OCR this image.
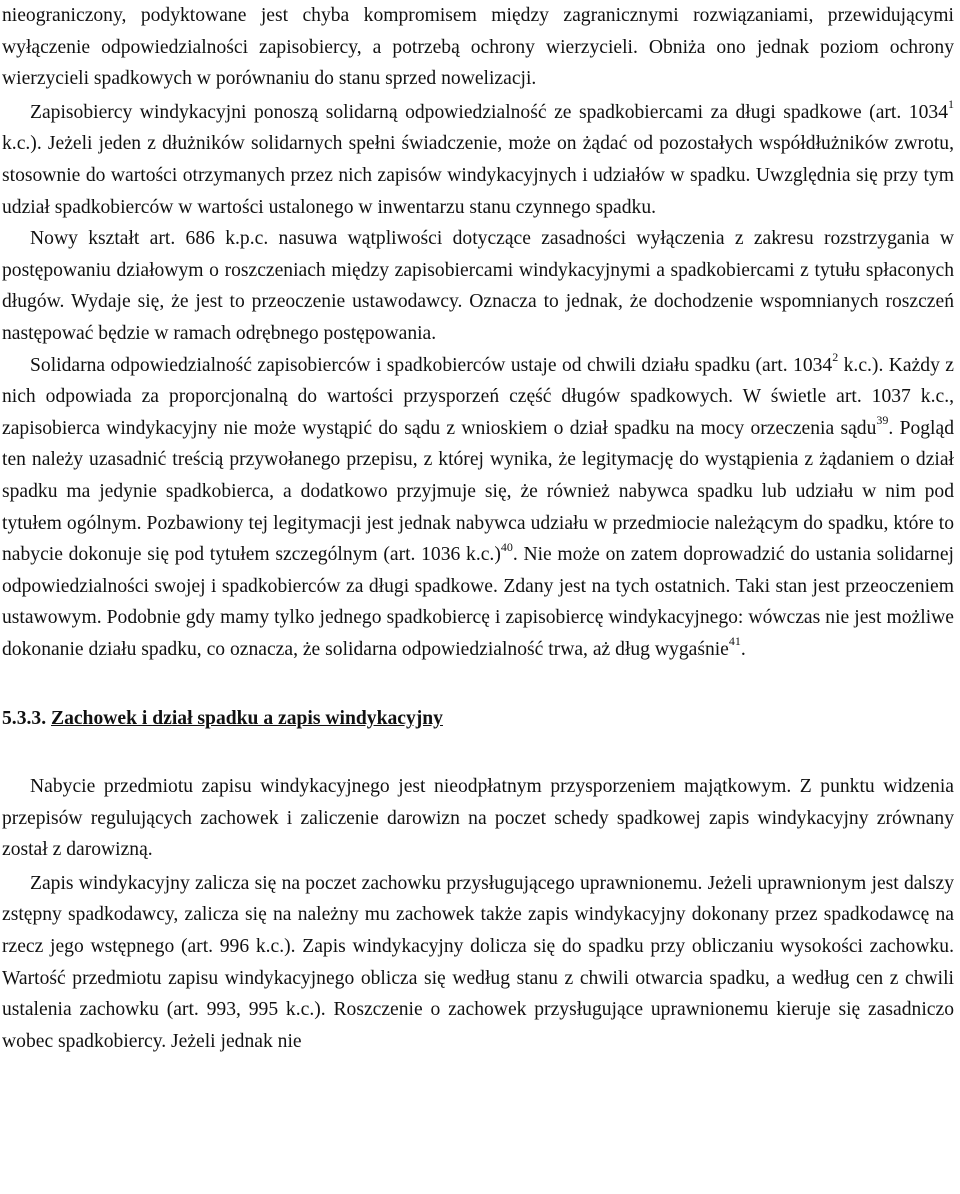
nieograniczony, podyktowane jest chyba kompromisem między zagranicznymi rozwiązaniami, przewidującymi wyłączenie odpowiedzialności zapisobiercy, a potrzebą ochrony wierzycieli. Obniża ono jednak poziom ochrony wierzycieli spadkowych w porównaniu do stanu sprzed nowelizacji.

Zapisobiercy windykacyjni ponoszą solidarną odpowiedzialność ze spadkobiercami za długi spadkowe (art. 1034$^1$ k.c.). Jeżeli jeden z dłużników solidarnych spełni świadczenie, może on żądać od pozostałych współdłużników zwrotu, stosownie do wartości otrzymanych przez nich zapisów windykacyjnych i udziałów w spadku. Uwzględnia się przy tym udział spadkobierców w wartości ustalonego w inwentarzu stanu czynnego spadku.

Nowy kształt art. 686 k.p.c. nasuwa wątpliwości dotyczące zasadności wyłączenia z zakresu rozstrzygania w postępowaniu działowym o roszczeniach między zapisobiercami windykacyjnymi a spadkobiercami z tytułu spłaconych długów. Wydaje się, że jest to przeoczenie ustawodawcy. Oznacza to jednak, że dochodzenie wspomnianych roszczeń następować będzie w ramach odrębnego postępowania.

Solidarna odpowiedzialność zapisobierców i spadkobierców ustaje od chwili działu spadku (art. 1034$^2$ k.c.). Każdy z nich odpowiada za proporcjonalną do wartości przysporzeń część długów spadkowych. W świetle art. 1037 k.c., zapisobierca windykacyjny nie może wystąpić do sądu z wnioskiem o dział spadku na mocy orzeczenia sądu$^{39}$. Pogląd ten należy uzasadnić treścią przywołanego przepisu, z której wynika, że legitymację do wystąpienia z żądaniem o dział spadku ma jedynie spadkobierca, a dodatkowo przyjmuje się, że również nabywca spadku lub udziału w nim pod tytułem ogólnym. Pozbawiony tej legitymacji jest jednak nabywca udziału w przedmiocie należącym do spadku, które to nabycie dokonuje się pod tytułem szczególnym (art. 1036 k.c.)$^{40}$. Nie może on zatem doprowadzić do ustania solidarnej odpowiedzialności swojej i spadkobierców za długi spadkowe. Zdany jest na tych ostatnich. Taki stan jest przeoczeniem ustawowym. Podobnie gdy mamy tylko jednego spadkobiercę i zapisobiercę windykacyjnego: wówczas nie jest możliwe dokonanie działu spadku, co oznacza, że solidarna odpowiedzialność trwa, aż dług wygaśnie$^{41}$.

5.3.3. Zachowek i dział spadku a zapis windykacyjny

Nabycie przedmiotu zapisu windykacyjnego jest nieodpłatnym przysporzeniem majątkowym. Z punktu widzenia przepisów regulujących zachowek i zaliczenie darowizn na poczet schedy spadkowej zapis windykacyjny zrównany został z darowizną.

Zapis windykacyjny zalicza się na poczet zachowku przysługującego uprawnionemu. Jeżeli uprawnionym jest dalszy zstępny spadkodawcy, zalicza się na należny mu zachowek także zapis windykacyjny dokonany przez spadkodawcę na rzecz jego wstępnego (art. 996 k.c.). Zapis windykacyjny dolicza się do spadku przy obliczaniu wysokości zachowku. Wartość przedmiotu zapisu windykacyjnego oblicza się według stanu z chwili otwarcia spadku, a według cen z chwili ustalenia zachowku (art. 993, 995 k.c.). Roszczenie o zachowek przysługujące uprawnionemu kieruje się zasadniczo wobec spadkobiercy. Jeżeli jednak nie
